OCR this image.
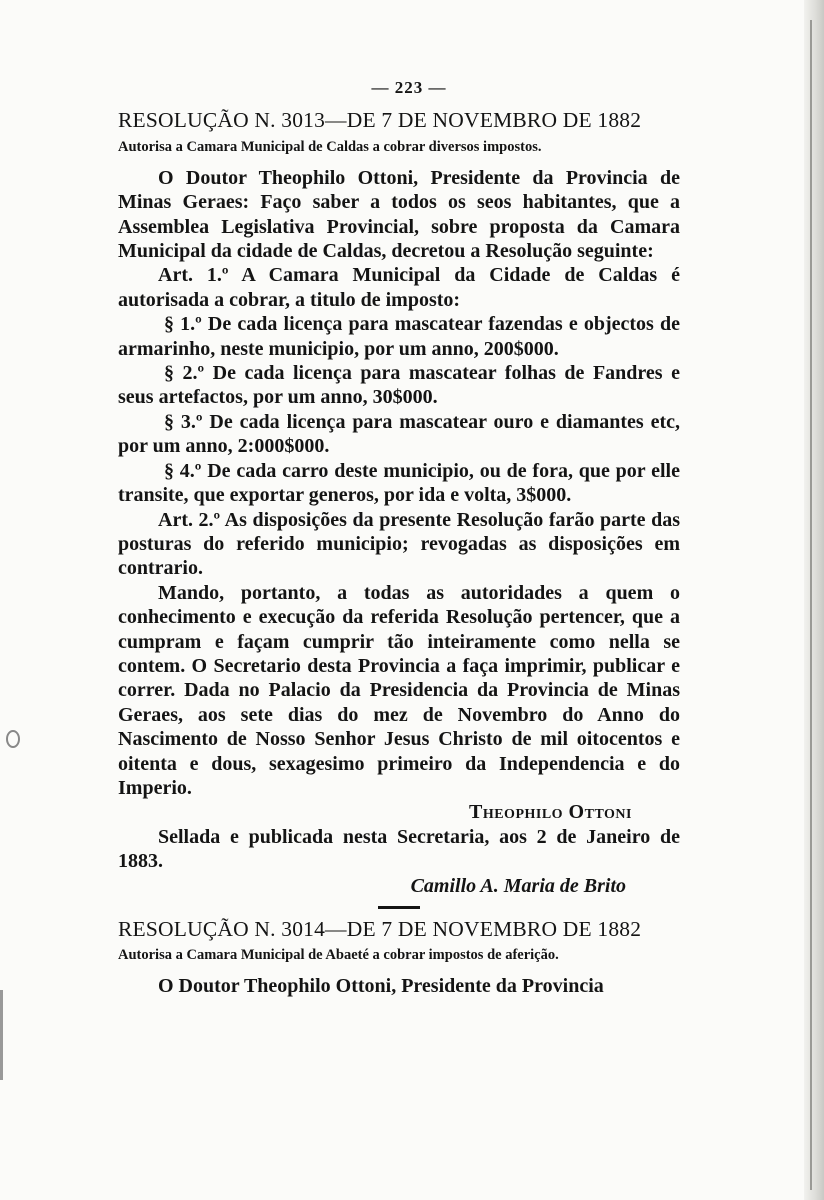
— 223 —
RESOLUÇÃO N. 3013—DE 7 DE NOVEMBRO DE 1882
Autorisa a Camara Municipal de Caldas a cobrar diversos impostos.

O Doutor Theophilo Ottoni, Presidente da Provincia de Minas Geraes: Faço saber a todos os seos habitantes, que a Assemblea Legislativa Provincial, sobre proposta da Camara Municipal da cidade de Caldas, decretou a Resolução seguinte:

Art. 1.º A Camara Municipal da Cidade de Caldas é autorisada a cobrar, a titulo de imposto:

§ 1.º De cada licença para mascatear fazendas e objectos de armarinho, neste municipio, por um anno, 200$000.

§ 2.º De cada licença para mascatear folhas de Fandres e seus artefactos, por um anno, 30$000.

§ 3.º De cada licença para mascatear ouro e diamantes etc, por um anno, 2:000$000.

§ 4.º De cada carro deste municipio, ou de fora, que por elle transite, que exportar generos, por ida e volta, 3$000.

Art. 2.º As disposições da presente Resolução farão parte das posturas do referido municipio; revogadas as disposições em contrario.

Mando, portanto, a todas as autoridades a quem o conhecimento e execução da referida Resolução pertencer, que a cumpram e façam cumprir tão inteiramente como nella se contem. O Secretario desta Provincia a faça imprimir, publicar e correr. Dada no Palacio da Presidencia da Provincia de Minas Geraes, aos sete dias do mez de Novembro do Anno do Nascimento de Nosso Senhor Jesus Christo de mil oitocentos e oitenta e dous, sexagesimo primeiro da Independencia e do Imperio.

Theophilo Ottoni

Sellada e publicada nesta Secretaria, aos 2 de Janeiro de 1883.

Camillo A. Maria de Brito

RESOLUÇÃO N. 3014—DE 7 DE NOVEMBRO DE 1882
Autorisa a Camara Municipal de Abaeté a cobrar impostos de aferição.

O Doutor Theophilo Ottoni, Presidente da Provincia
